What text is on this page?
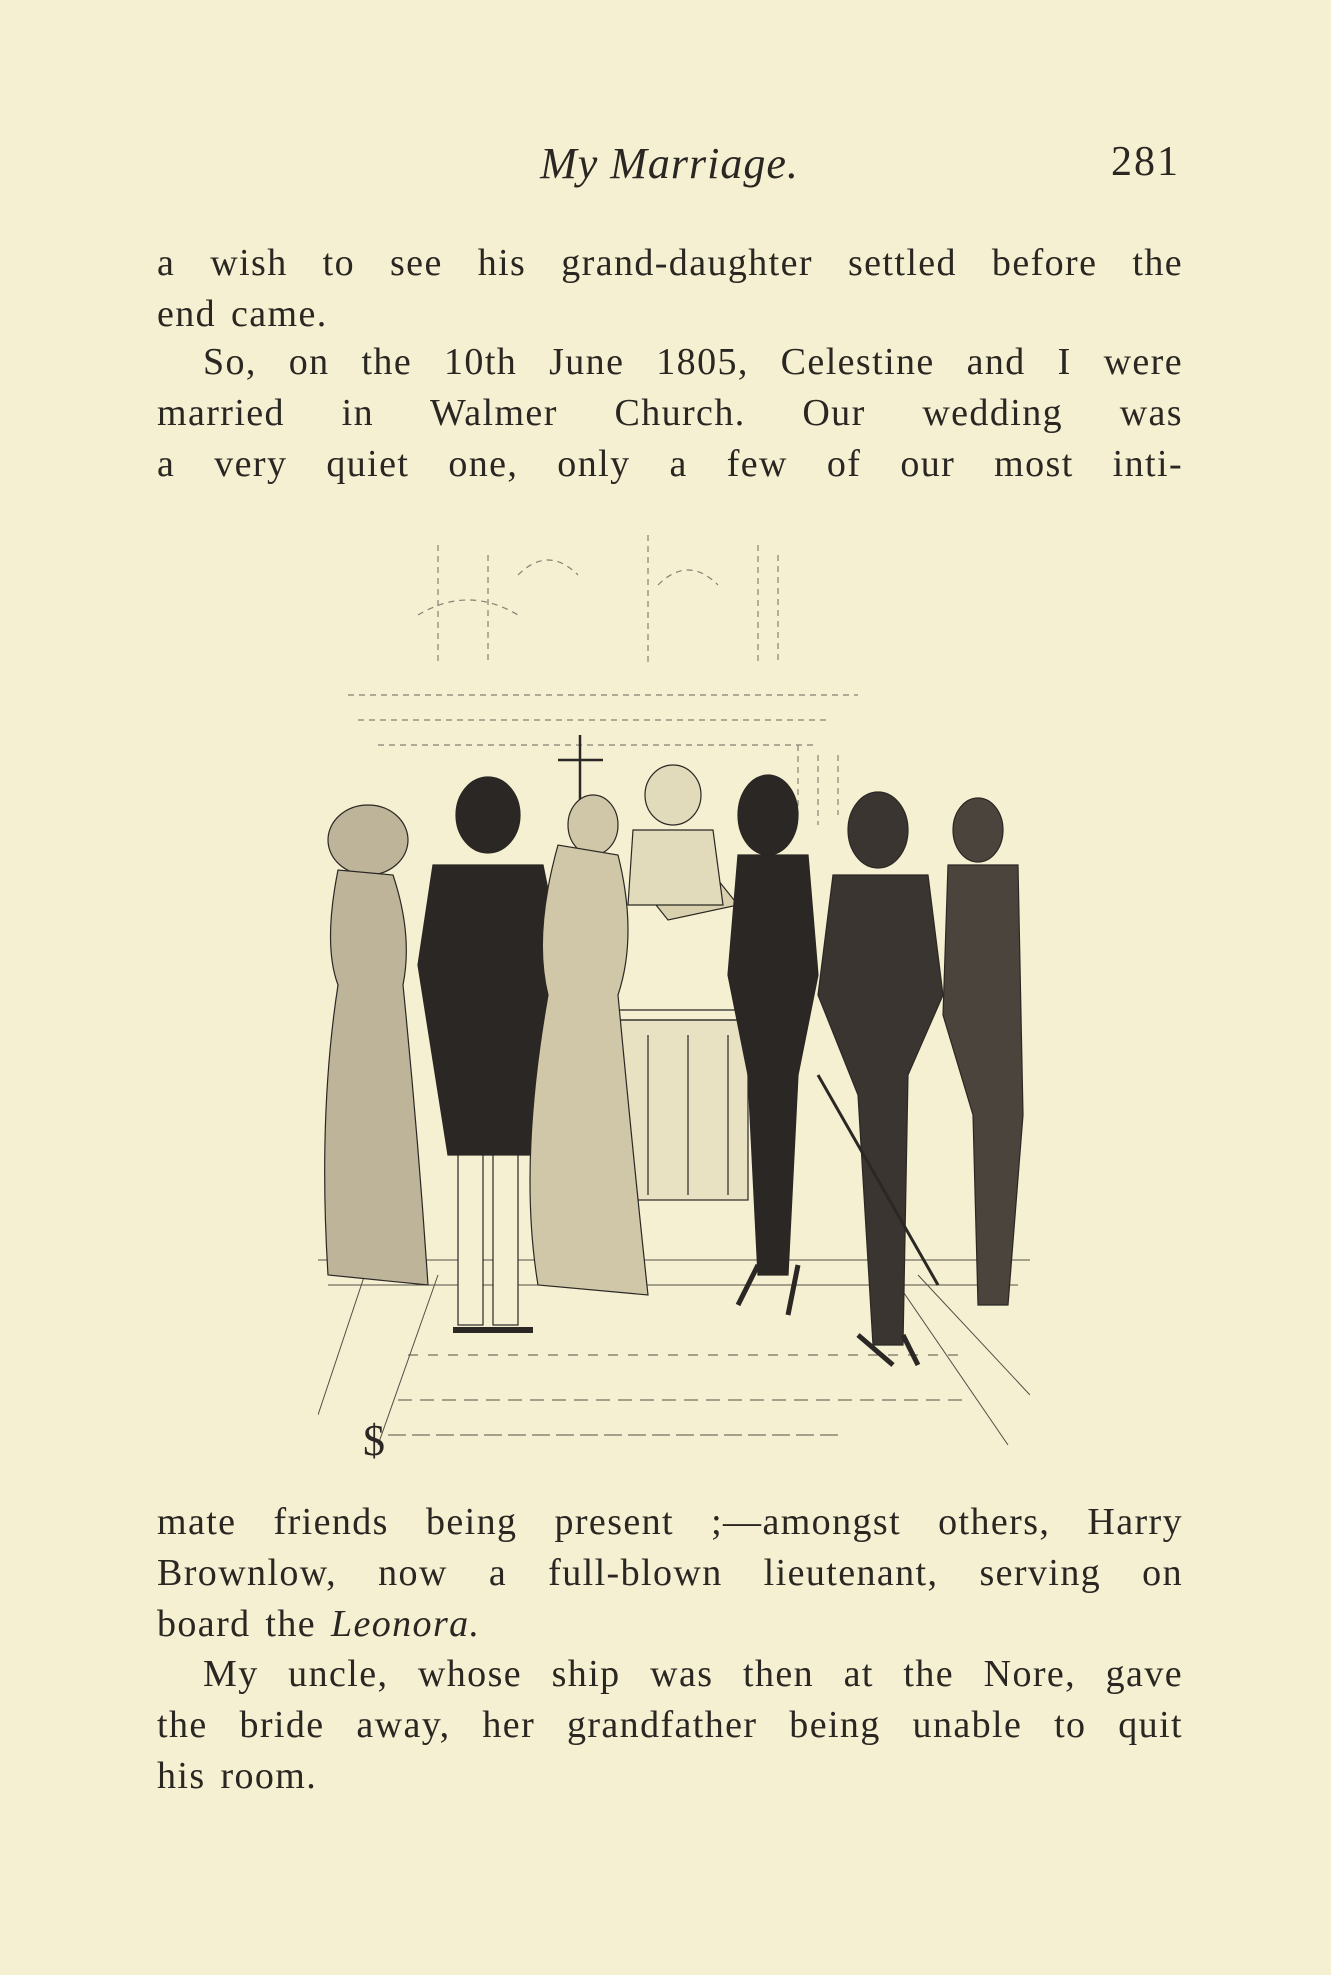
My Marriage.	281

a wish to see his grand-daughter settled before the
end came.

So, on the 10th June 1805, Celestine and I were
married in Walmer Church. Our wedding was
a very quiet one, only a few of our most inti-

$

mate friends being present ;—amongst others, Harry
Brownlow, now a full-blown lieutenant, serving on
board the Leonora.

My uncle, whose ship was then at the Nore, gave
the bride away, her grandfather being unable to quit
his room.
